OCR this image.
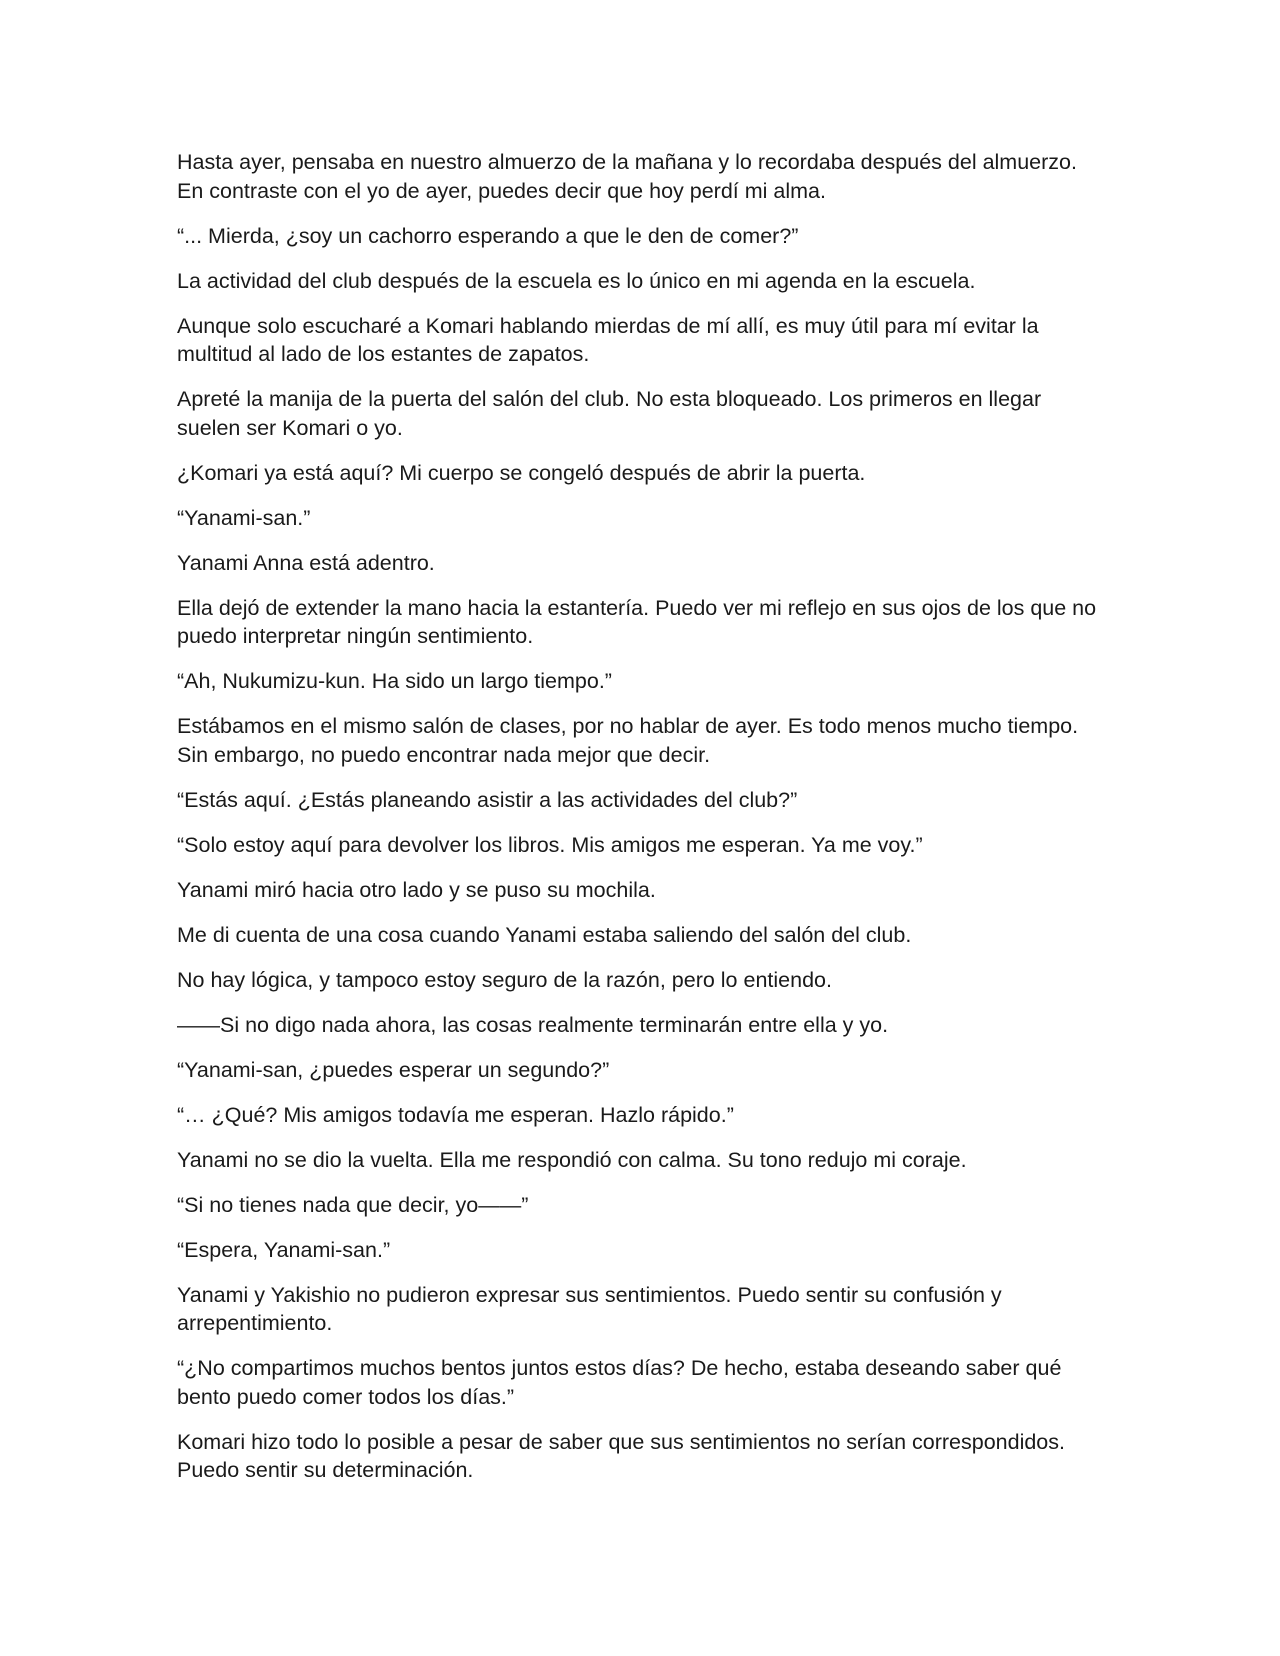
Hasta ayer, pensaba en nuestro almuerzo de la mañana y lo recordaba después del almuerzo. En contraste con el yo de ayer, puedes decir que hoy perdí mi alma.

“... Mierda, ¿soy un cachorro esperando a que le den de comer?”

La actividad del club después de la escuela es lo único en mi agenda en la escuela.

Aunque solo escucharé a Komari hablando mierdas de mí allí, es muy útil para mí evitar la multitud al lado de los estantes de zapatos.

Apreté la manija de la puerta del salón del club. No esta bloqueado. Los primeros en llegar suelen ser Komari o yo.

¿Komari ya está aquí? Mi cuerpo se congeló después de abrir la puerta.

“Yanami-san.”

Yanami Anna está adentro.

Ella dejó de extender la mano hacia la estantería. Puedo ver mi reflejo en sus ojos de los que no puedo interpretar ningún sentimiento.

“Ah, Nukumizu-kun. Ha sido un largo tiempo.”

Estábamos en el mismo salón de clases, por no hablar de ayer. Es todo menos mucho tiempo. Sin embargo, no puedo encontrar nada mejor que decir.

“Estás aquí. ¿Estás planeando asistir a las actividades del club?”

“Solo estoy aquí para devolver los libros. Mis amigos me esperan. Ya me voy.”

Yanami miró hacia otro lado y se puso su mochila.

Me di cuenta de una cosa cuando Yanami estaba saliendo del salón del club.

No hay lógica, y tampoco estoy seguro de la razón, pero lo entiendo.

——Si no digo nada ahora, las cosas realmente terminarán entre ella y yo.

“Yanami-san, ¿puedes esperar un segundo?”

“… ¿Qué? Mis amigos todavía me esperan. Hazlo rápido.”

Yanami no se dio la vuelta. Ella me respondió con calma. Su tono redujo mi coraje.

“Si no tienes nada que decir, yo——”

“Espera, Yanami-san.”

Yanami y Yakishio no pudieron expresar sus sentimientos. Puedo sentir su confusión y arrepentimiento.

“¿No compartimos muchos bentos juntos estos días? De hecho, estaba deseando saber qué bento puedo comer todos los días.”

Komari hizo todo lo posible a pesar de saber que sus sentimientos no serían correspondidos. Puedo sentir su determinación.
